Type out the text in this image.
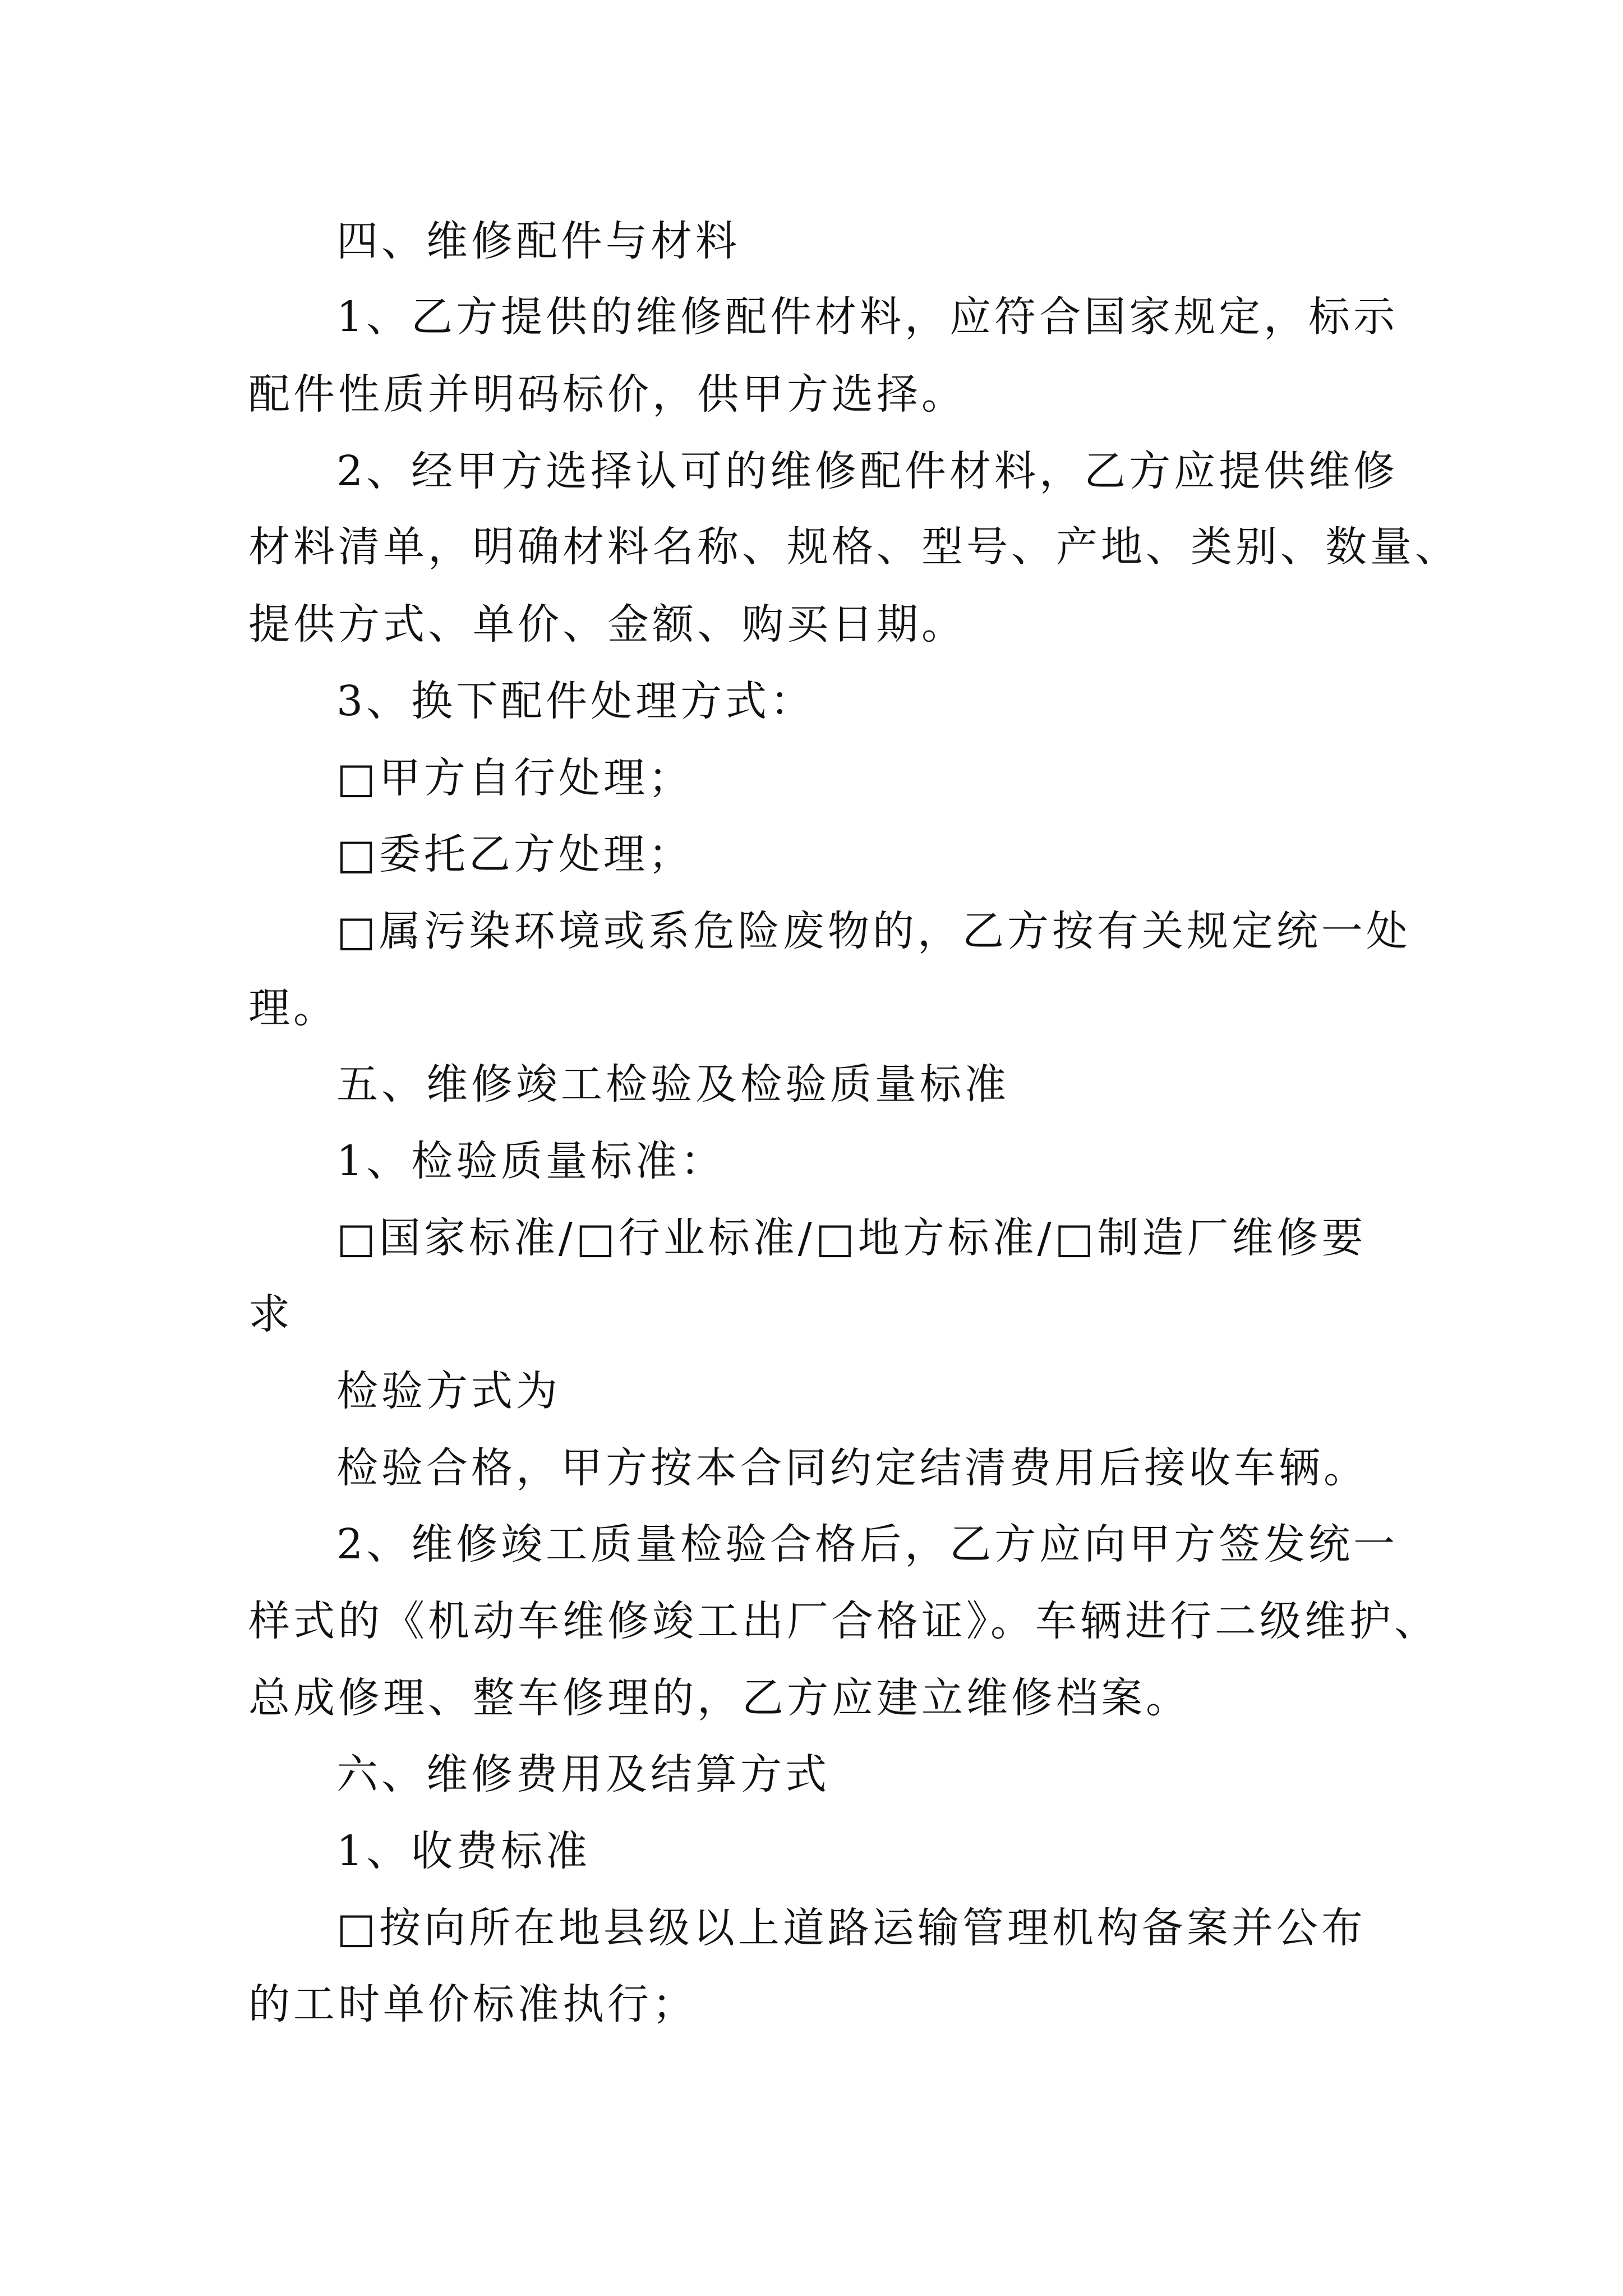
四、维修配件与材料
1、乙方提供的维修配件材料，应符合国家规定，标示
配件性质并明码标价，供甲方选择。
2、经甲方选择认可的维修配件材料，乙方应提供维修
材料清单，明确材料名称、规格、型号、产地、类别、数量、
提供方式、单价、金额、购买日期。
3、换下配件处理方式：
□甲方自行处理；
□委托乙方处理；
□属污染环境或系危险废物的，乙方按有关规定统一处
理。
五、维修竣工检验及检验质量标准
1、检验质量标准：
□国家标准/□行业标准/□地方标准/□制造厂维修要
求
检验方式为
检验合格，甲方按本合同约定结清费用后接收车辆。
2、维修竣工质量检验合格后，乙方应向甲方签发统一
样式的《机动车维修竣工出厂合格证》。车辆进行二级维护、
总成修理、整车修理的，乙方应建立维修档案。
六、维修费用及结算方式
1、收费标准
□按向所在地县级以上道路运输管理机构备案并公布
的工时单价标准执行；
